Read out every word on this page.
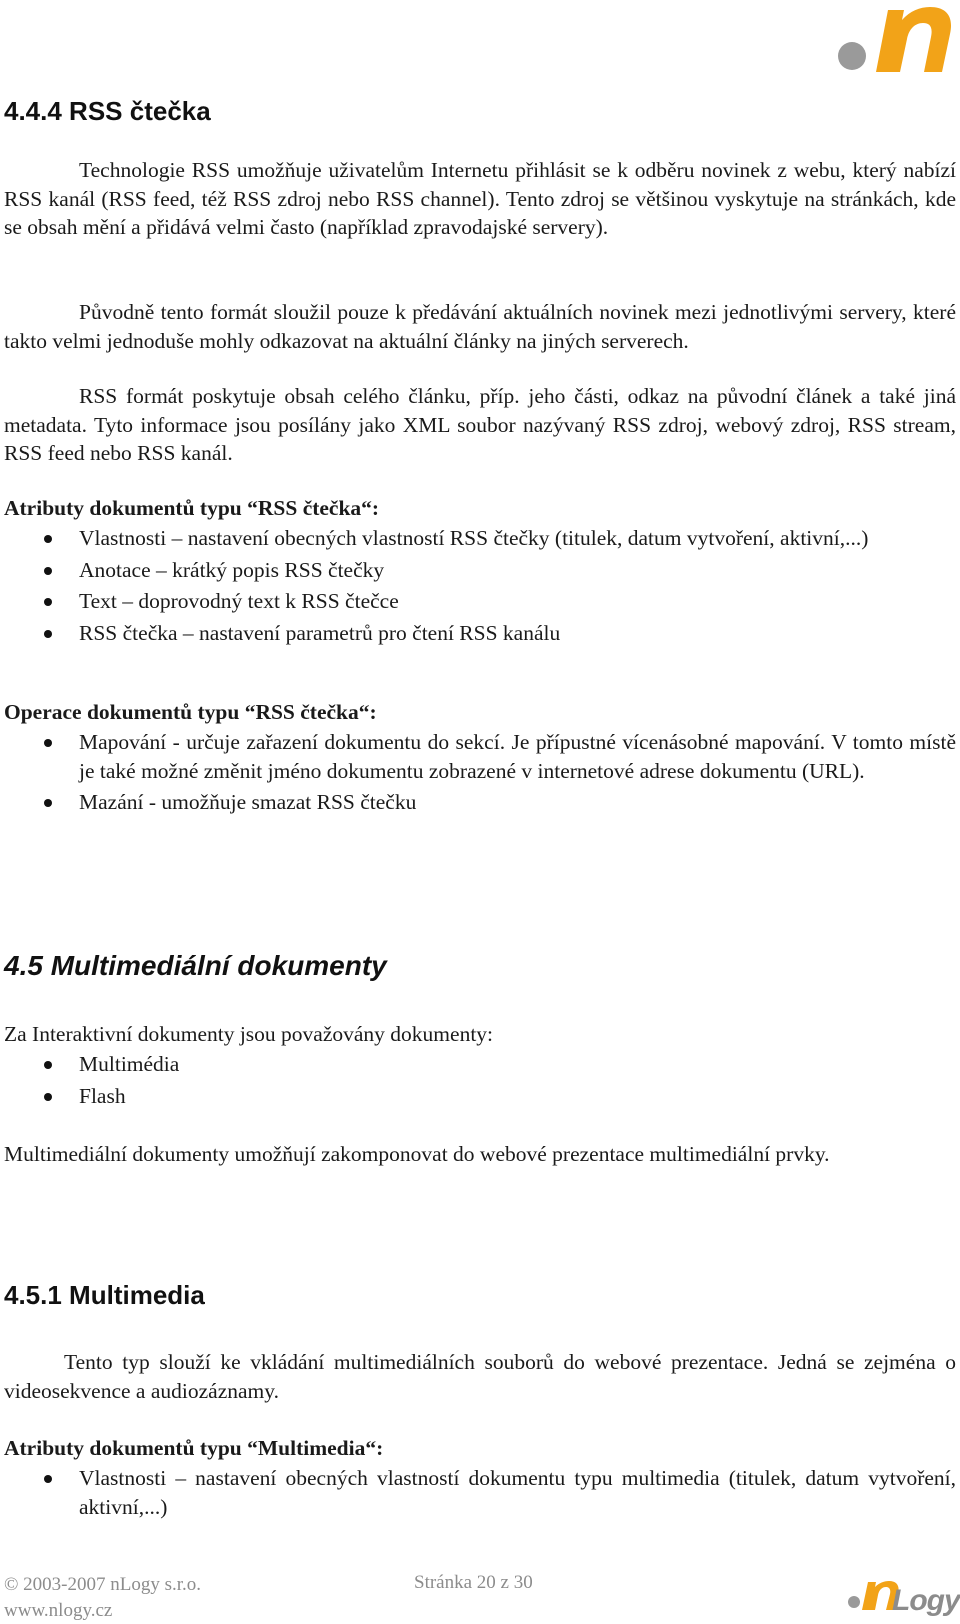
4.4.4 RSS čtečka

Technologie RSS umožňuje uživatelům Internetu přihlásit se k odběru novinek z webu, který nabízí RSS kanál (RSS feed, též RSS zdroj nebo RSS channel). Tento zdroj se většinou vyskytuje na stránkách, kde se obsah mění a přidává velmi často (například zpravodajské servery).

Původně tento formát sloužil pouze k předávání aktuálních novinek mezi jednotlivými servery, které takto velmi jednoduše mohly odkazovat na aktuální články na jiných serverech.

RSS formát poskytuje obsah celého článku, příp. jeho části, odkaz na původní článek a také jiná metadata. Tyto informace jsou posílány jako XML soubor nazývaný RSS zdroj, webový zdroj, RSS stream, RSS feed nebo RSS kanál.

Atributy dokumentů typu “RSS čtečka“:
Vlastnosti – nastavení obecných vlastností RSS čtečky (titulek, datum vytvoření, aktivní,...)
Anotace – krátký popis RSS čtečky
Text – doprovodný text k RSS čtečce
RSS čtečka – nastavení parametrů pro čtení RSS kanálu
Operace dokumentů typu “RSS čtečka“:
Mapování - určuje zařazení dokumentu do sekcí. Je přípustné vícenásobné mapování. V tomto místě je také možné změnit jméno dokumentu zobrazené v internetové adrese dokumentu (URL).
Mazání - umožňuje smazat RSS čtečku
4.5 Multimediální dokumenty
Za Interaktivní dokumenty jsou považovány dokumenty:
Multimédia
Flash

Multimediální dokumenty umožňují zakomponovat do webové prezentace multimediální prvky.

4.5.1 Multimedia

Tento typ slouží ke vkládání multimediálních souborů do webové prezentace. Jedná se zejména o videosekvence a audiozáznamy.

Atributy dokumentů typu “Multimedia“:
Vlastnosti – nastavení obecných vlastností dokumentu typu multimedia (titulek, datum vytvoření, aktivní,...)
© 2003-2007 nLogy s.r.o.
www.nlogy.cz
Stránka 20 z 30
Logy
